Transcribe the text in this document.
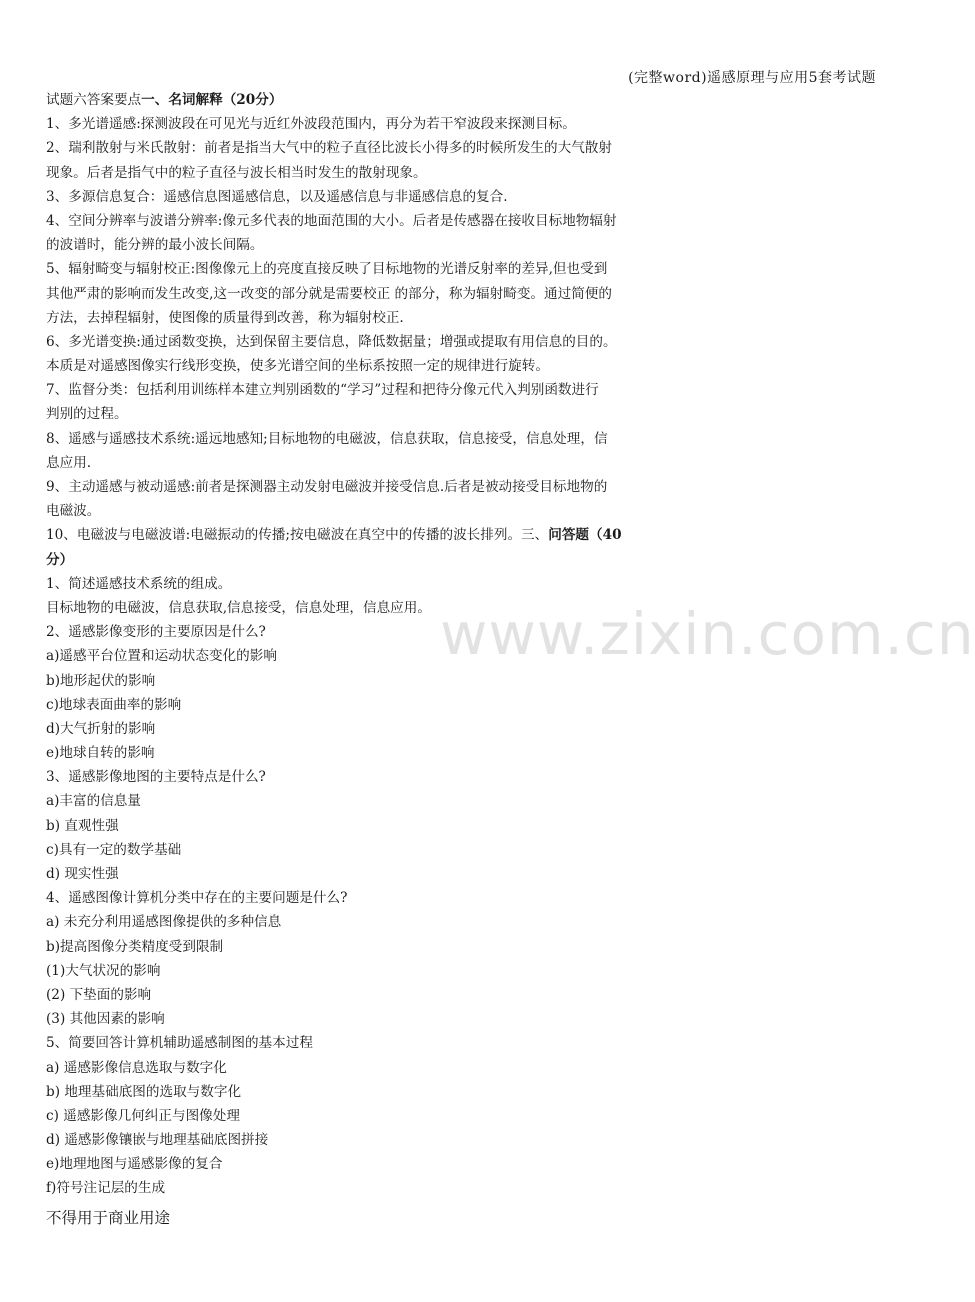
(完整word)遥感原理与应用5套考试题
www.zixin.com.cn
试题六答案要点一、名词解释（20分）
1、多光谱遥感:探测波段在可见光与近红外波段范围内，再分为若干窄波段来探测目标。
2、瑞利散射与米氏散射：前者是指当大气中的粒子直径比波长小得多的时候所发生的大气散射
现象。后者是指气中的粒子直径与波长相当时发生的散射现象。
3、多源信息复合：遥感信息图遥感信息，以及遥感信息与非遥感信息的复合.
4、空间分辨率与波谱分辨率:像元多代表的地面范围的大小。后者是传感器在接收目标地物辐射
的波谱时，能分辨的最小波长间隔。
5、辐射畸变与辐射校正:图像像元上的亮度直接反映了目标地物的光谱反射率的差异,但也受到
其他严肃的影响而发生改变,这一改变的部分就是需要校正 的部分，称为辐射畸变。通过简便的
方法，去掉程辐射，使图像的质量得到改善，称为辐射校正.
6、多光谱变换:通过函数变换，达到保留主要信息，降低数据量；增强或提取有用信息的目的。
本质是对遥感图像实行线形变换，使多光谱空间的坐标系按照一定的规律进行旋转。
7、监督分类：包括利用训练样本建立判别函数的“学习”过程和把待分像元代入判别函数进行
判别的过程。
8、遥感与遥感技术系统:遥远地感知;目标地物的电磁波，信息获取，信息接受，信息处理，信
息应用.
9、主动遥感与被动遥感:前者是探测器主动发射电磁波并接受信息.后者是被动接受目标地物的
电磁波。
10、电磁波与电磁波谱:电磁振动的传播;按电磁波在真空中的传播的波长排列。三、问答题（40
分）
1、简述遥感技术系统的组成。
目标地物的电磁波，信息获取,信息接受，信息处理，信息应用。
2、遥感影像变形的主要原因是什么?
a)遥感平台位置和运动状态变化的影响
b)地形起伏的影响
c)地球表面曲率的影响
d)大气折射的影响
e)地球自转的影响
3、遥感影像地图的主要特点是什么?
a)丰富的信息量
b) 直观性强
c)具有一定的数学基础
d) 现实性强
4、遥感图像计算机分类中存在的主要问题是什么?
a) 未充分利用遥感图像提供的多种信息
b)提高图像分类精度受到限制
(1)大气状况的影响
(2) 下垫面的影响
(3) 其他因素的影响
5、简要回答计算机辅助遥感制图的基本过程
a) 遥感影像信息选取与数字化
b) 地理基础底图的选取与数字化
c) 遥感影像几何纠正与图像处理
d) 遥感影像镶嵌与地理基础底图拼接
e)地理地图与遥感影像的复合
f)符号注记层的生成
不得用于商业用途
